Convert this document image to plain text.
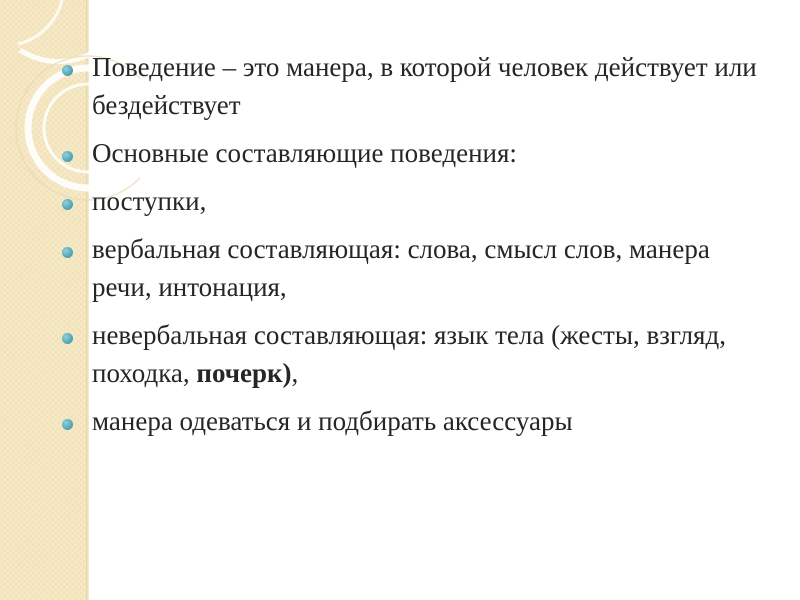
Поведение – это манера, в которой человек действует или бездействует
Основные составляющие поведения:
поступки,
вербальная составляющая: слова, смысл слов, манера речи, интонация,
невербальная составляющая: язык тела (жесты, взгляд, походка, почерк),
манера одеваться и подбирать аксессуары
